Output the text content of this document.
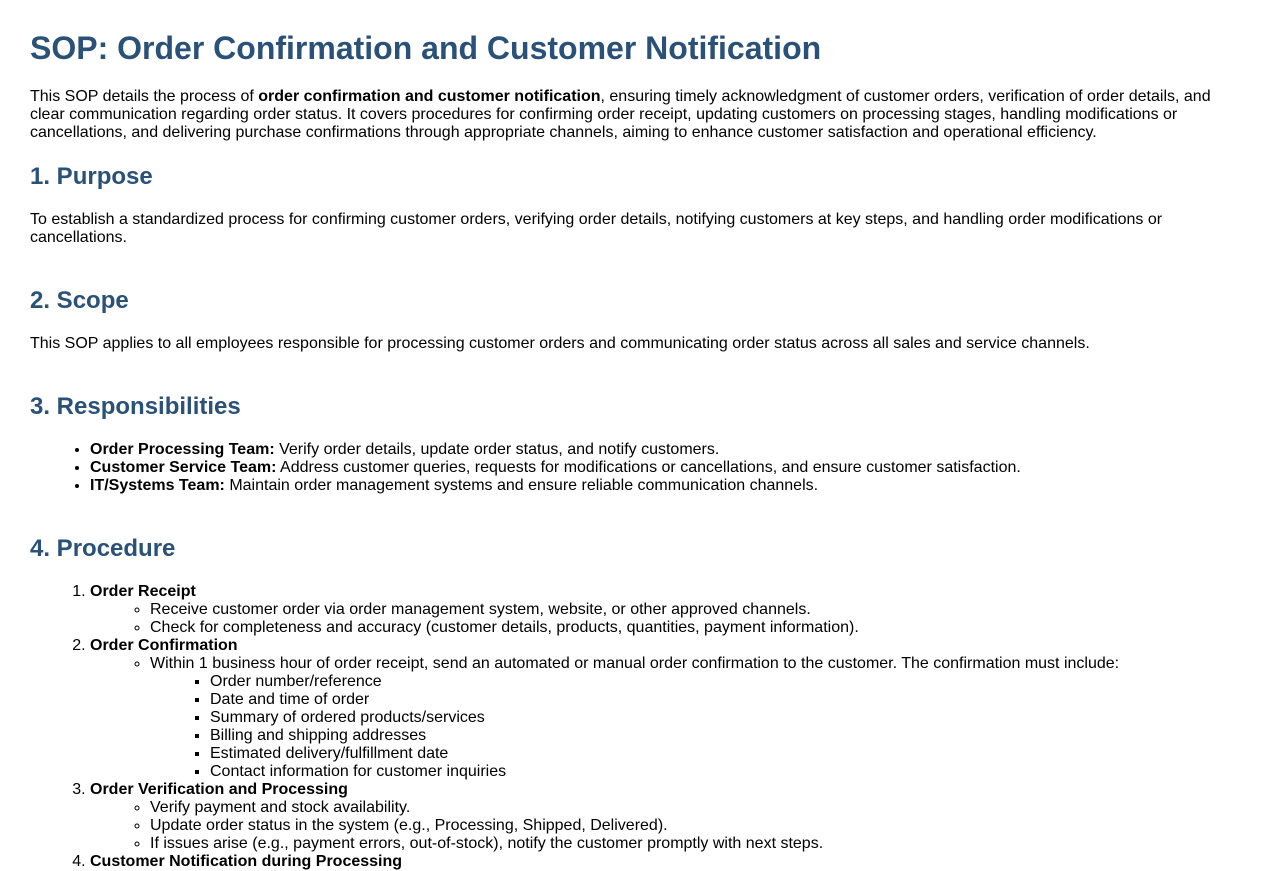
SOP: Order Confirmation and Customer Notification

This SOP details the process of order confirmation and customer notification, ensuring timely acknowledgment of customer orders, verification of order details, and clear communication regarding order status. It covers procedures for confirming order receipt, updating customers on processing stages, handling modifications or cancellations, and delivering purchase confirmations through appropriate channels, aiming to enhance customer satisfaction and operational efficiency.

1. Purpose

To establish a standardized process for confirming customer orders, verifying order details, notifying customers at key steps, and handling order modifications or cancellations.

2. Scope

This SOP applies to all employees responsible for processing customer orders and communicating order status across all sales and service channels.

3. Responsibilities
• Order Processing Team: Verify order details, update order status, and notify customers.
• Customer Service Team: Address customer queries, requests for modifications or cancellations, and ensure customer satisfaction.
• IT/Systems Team: Maintain order management systems and ensure reliable communication channels.
4. Procedure
1. Order Receipt
◦ Receive customer order via order management system, website, or other approved channels.
◦ Check for completeness and accuracy (customer details, products, quantities, payment information).
2. Order Confirmation
◦ Within 1 business hour of order receipt, send an automated or manual order confirmation to the customer. The confirmation must include:
▪ Order number/reference
▪ Date and time of order
▪ Summary of ordered products/services
▪ Billing and shipping addresses
▪ Estimated delivery/fulfillment date
▪ Contact information for customer inquiries
3. Order Verification and Processing
◦ Verify payment and stock availability.
◦ Update order status in the system (e.g., Processing, Shipped, Delivered).
◦ If issues arise (e.g., payment errors, out-of-stock), notify the customer promptly with next steps.
4. Customer Notification during Processing
